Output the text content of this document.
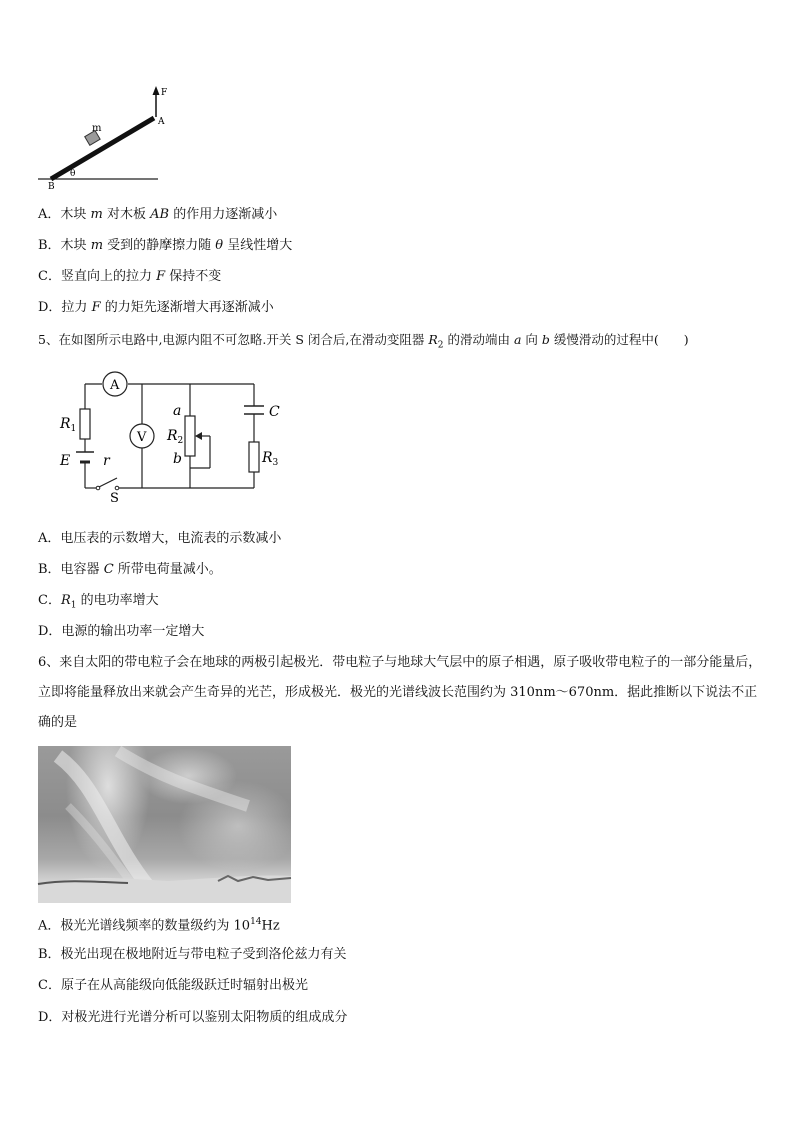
F
A
B
m
θ
A．木块 m 对木板 AB 的作用力逐渐减小
B．木块 m 受到的静摩擦力随 θ 呈线性增大
C．竖直向上的拉力 F 保持不变
D．拉力 F 的力矩先逐渐增大再逐渐减小
5、在如图所示电路中,电源内阻不可忽略.开关 S 闭合后,在滑动变阻器 $R_2$ 的滑动端由 a 向 b 缓慢滑动的过程中(　　)
A
$R_1$
E r
S
V
a
$R_2$
b
C
$R_3$
A．电压表的示数增大，电流表的示数减小
B．电容器 C 所带电荷量减小。
C．$R_1$ 的电功率增大
D．电源的输出功率一定增大
6、来自太阳的带电粒子会在地球的两极引起极光．带电粒子与地球大气层中的原子相遇，原子吸收带电粒子的一部分能量后，立即将能量释放出来就会产生奇异的光芒，形成极光．极光的光谱线波长范围约为 310nm～670nm．据此推断以下说法不正确的是
A．极光光谱线频率的数量级约为 $10^{14}Hz$
B．极光出现在极地附近与带电粒子受到洛伦兹力有关
C．原子在从高能级向低能级跃迁时辐射出极光
D．对极光进行光谱分析可以鉴别太阳物质的组成成分
